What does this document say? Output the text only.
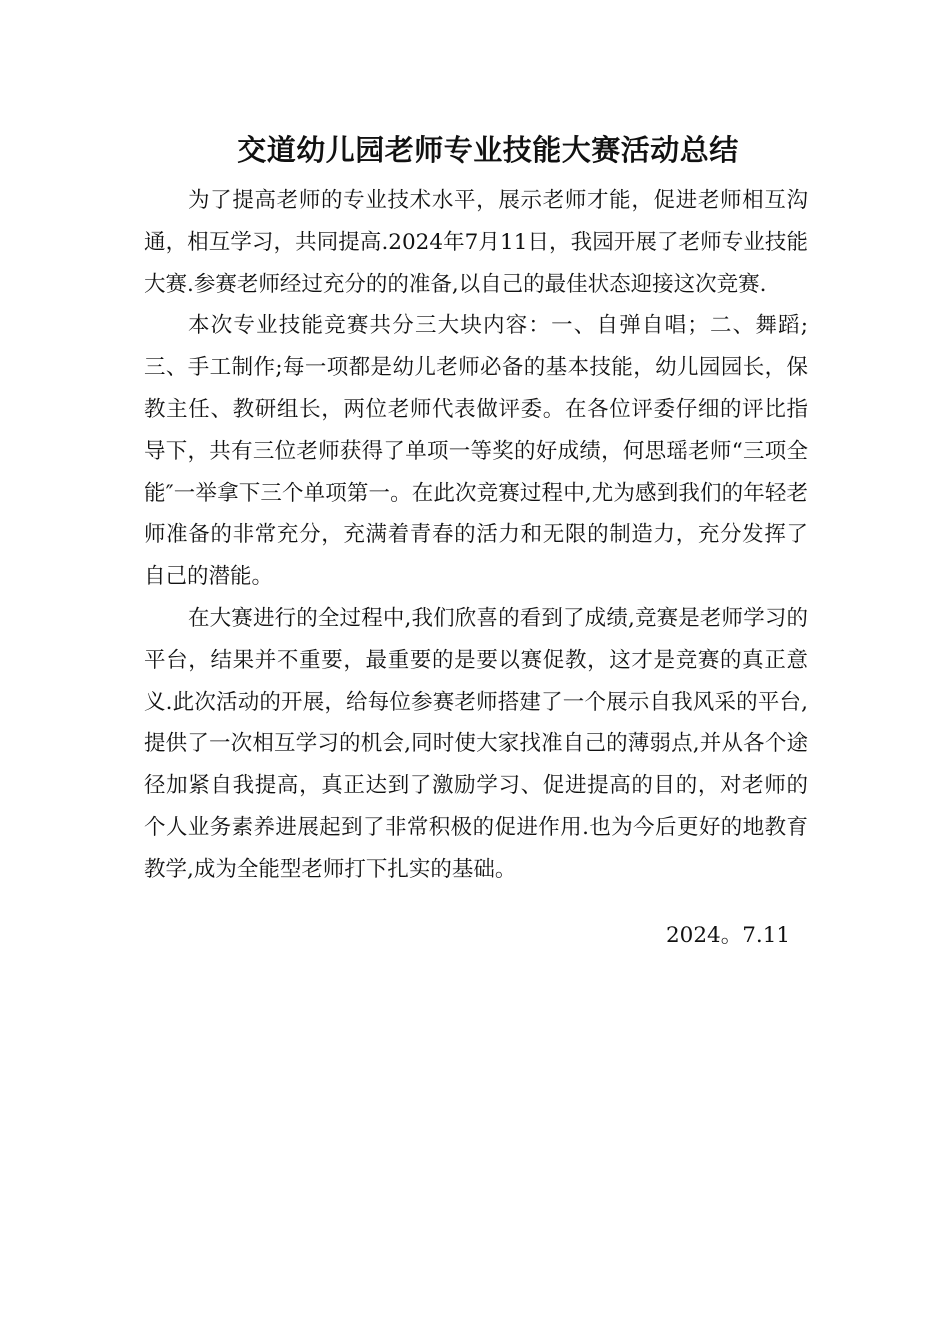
交道幼儿园老师专业技能大赛活动总结

为了提高老师的专业技术水平，展示老师才能，促进老师相互沟通，相互学习，共同提高.2024年7月11日，我园开展了老师专业技能大赛.参赛老师经过充分的的准备,以自己的最佳状态迎接这次竞赛.

本次专业技能竞赛共分三大块内容：一、自弹自唱；二、舞蹈;三、手工制作;每一项都是幼儿老师必备的基本技能，幼儿园园长，保教主任、教研组长，两位老师代表做评委。在各位评委仔细的评比指导下，共有三位老师获得了单项一等奖的好成绩，何思瑶老师“三项全能″一举拿下三个单项第一。在此次竞赛过程中,尤为感到我们的年轻老师准备的非常充分，充满着青春的活力和无限的制造力，充分发挥了自己的潜能。

在大赛进行的全过程中,我们欣喜的看到了成绩,竞赛是老师学习的平台，结果并不重要，最重要的是要以赛促教，这才是竞赛的真正意义.此次活动的开展，给每位参赛老师搭建了一个展示自我风采的平台,提供了一次相互学习的机会,同时使大家找准自己的薄弱点,并从各个途径加紧自我提高，真正达到了激励学习、促进提高的目的，对老师的个人业务素养进展起到了非常积极的促进作用.也为今后更好的地教育教学,成为全能型老师打下扎实的基础。

2024。7.11
